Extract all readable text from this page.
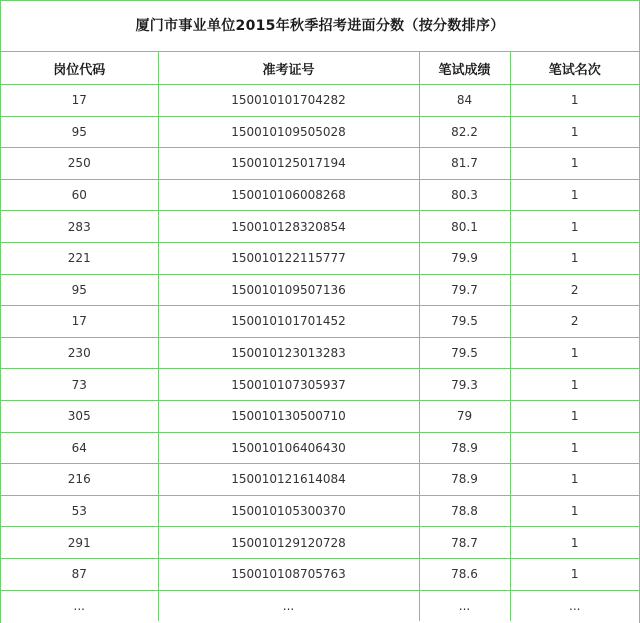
厦门市事业单位2015年秋季招考进面分数（按分数排序）
岗位代码	准考证号	笔试成绩	笔试名次
17	150010101704282	84	1
95	150010109505028	82.2	1
250	150010125017194	81.7	1
60	150010106008268	80.3	1
283	150010128320854	80.1	1
221	150010122115777	79.9	1
95	150010109507136	79.7	2
17	150010101701452	79.5	2
230	150010123013283	79.5	1
73	150010107305937	79.3	1
305	150010130500710	79	1
64	150010106406430	78.9	1
216	150010121614084	78.9	1
53	150010105300370	78.8	1
291	150010129120728	78.7	1
87	150010108705763	78.6	1
...	...	...	...
